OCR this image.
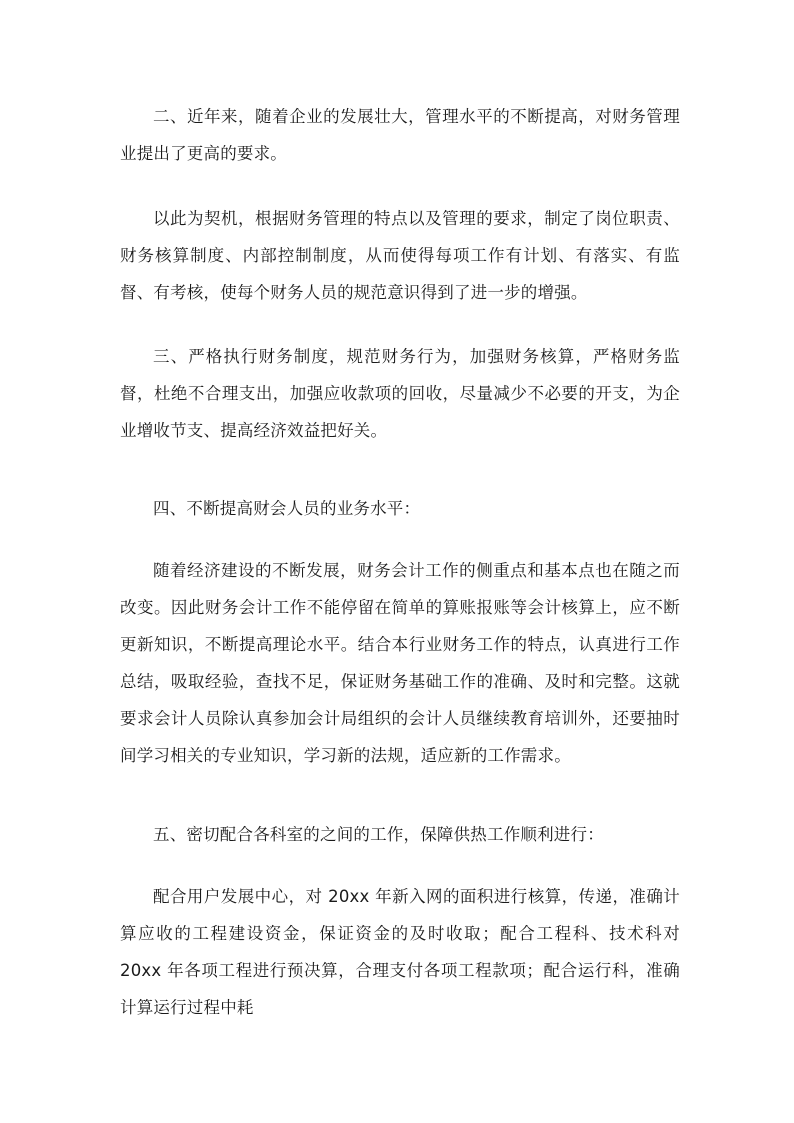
二、近年来，随着企业的发展壮大，管理水平的不断提高，对财务管理业提出了更高的要求。

以此为契机，根据财务管理的特点以及管理的要求，制定了岗位职责、财务核算制度、内部控制制度，从而使得每项工作有计划、有落实、有监督、有考核，使每个财务人员的规范意识得到了进一步的增强。

三、严格执行财务制度，规范财务行为，加强财务核算，严格财务监督，杜绝不合理支出，加强应收款项的回收，尽量减少不必要的开支，为企业增收节支、提高经济效益把好关。

四、不断提高财会人员的业务水平：

随着经济建设的不断发展，财务会计工作的侧重点和基本点也在随之而改变。因此财务会计工作不能停留在简单的算账报账等会计核算上，应不断更新知识，不断提高理论水平。结合本行业财务工作的特点，认真进行工作总结，吸取经验，查找不足，保证财务基础工作的准确、及时和完整。这就要求会计人员除认真参加会计局组织的会计人员继续教育培训外，还要抽时间学习相关的专业知识，学习新的法规，适应新的工作需求。

五、密切配合各科室的之间的工作，保障供热工作顺利进行：

配合用户发展中心，对 20xx 年新入网的面积进行核算，传递，准确计算应收的工程建设资金，保证资金的及时收取；配合工程科、技术科对 20xx 年各项工程进行预决算，合理支付各项工程款项；配合运行科，准确计算运行过程中耗
